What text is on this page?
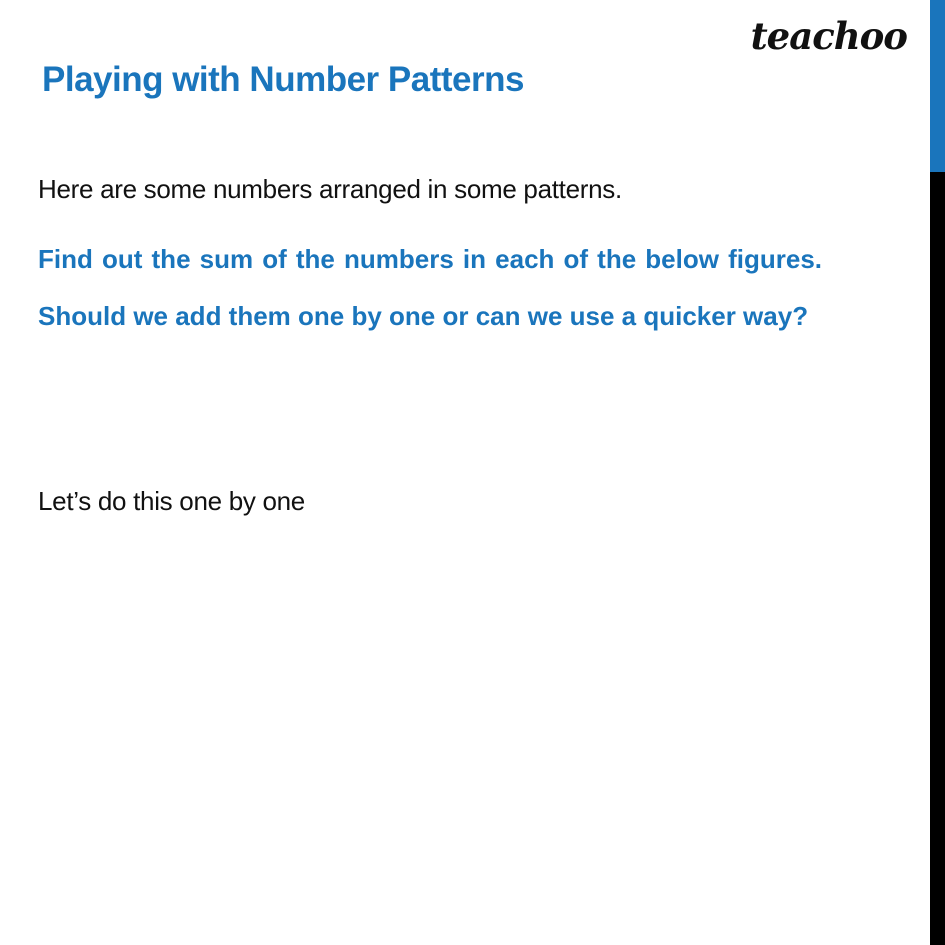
teachoo
Playing with Number Patterns

Here are some numbers arranged in some patterns.

Find out the sum of the numbers in each of the below figures. Should we add them one by one or can we use a quicker way?

Let’s do this one by one
